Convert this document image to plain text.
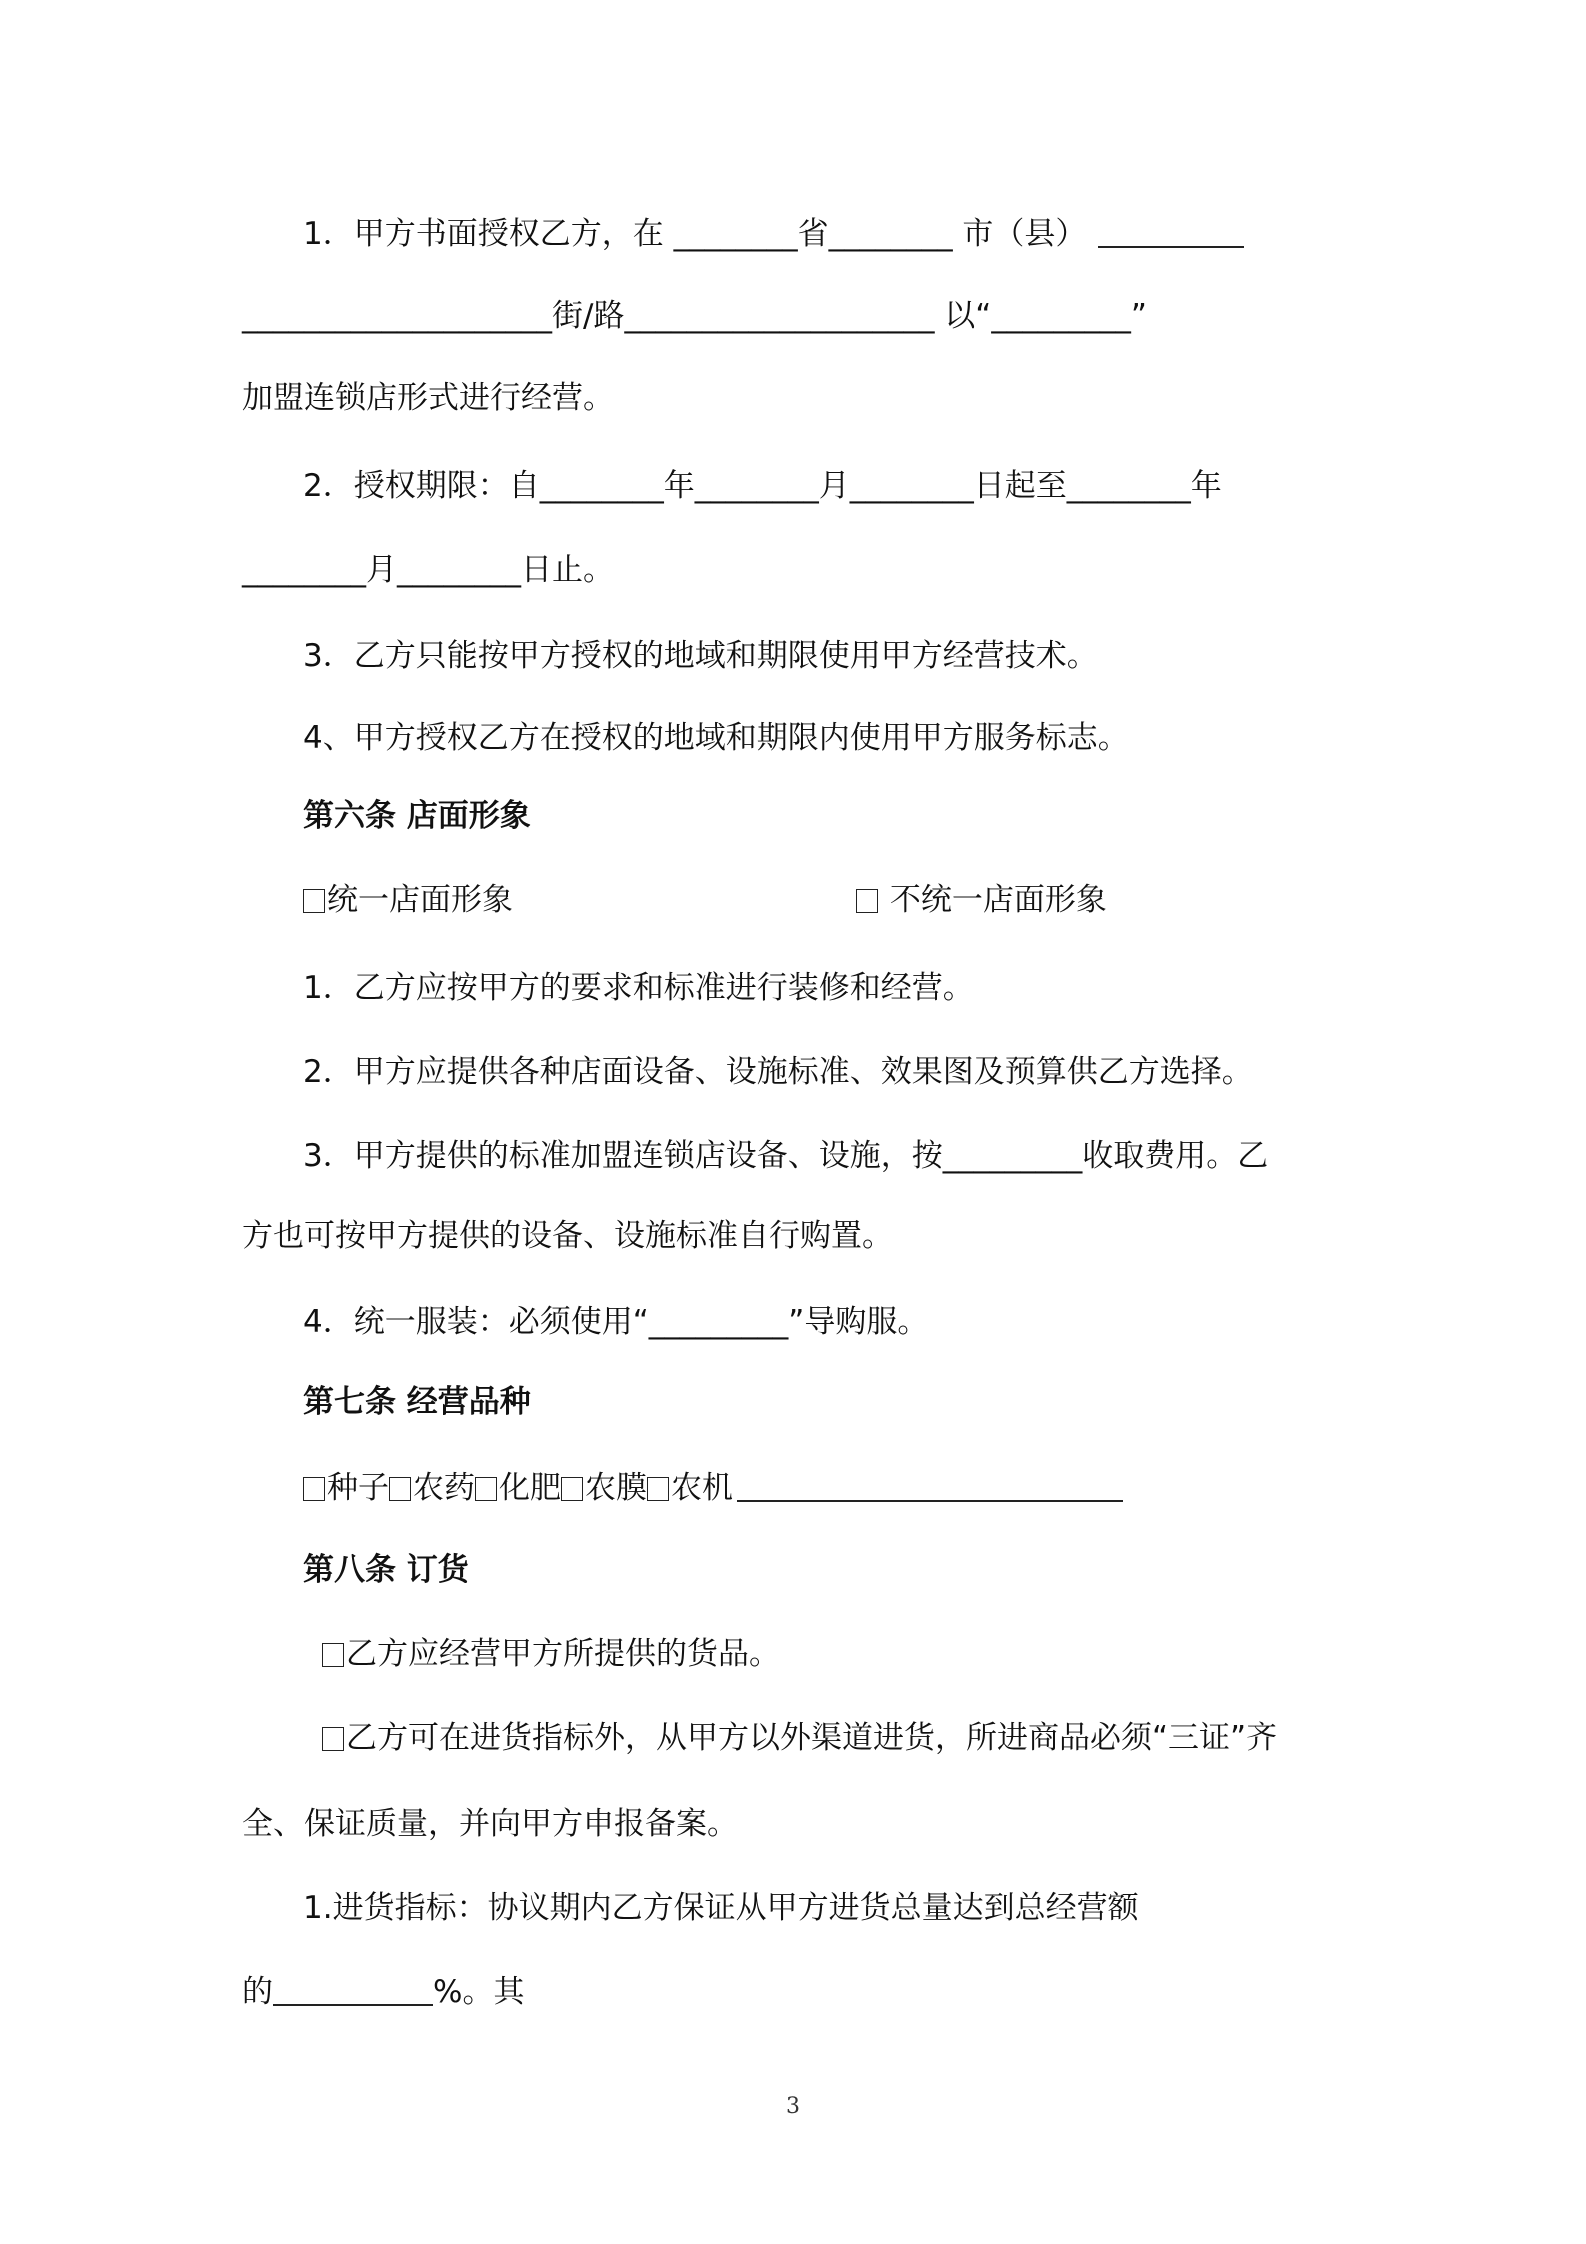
1．甲方书面授权乙方，在 ________省________ 市（县）
____________________街/路____________________ 以“_________”
加盟连锁店形式进行经营。
2．授权期限：自________年________月________日起至________年
________月________日止。
3．乙方只能按甲方授权的地域和期限使用甲方经营技术。
4、甲方授权乙方在授权的地域和期限内使用甲方服务标志。
第六条 店面形象
统一店面形象	不统一店面形象
1．乙方应按甲方的要求和标准进行装修和经营。
2．甲方应提供各种店面设备、设施标准、效果图及预算供乙方选择。
3．甲方提供的标准加盟连锁店设备、设施，按_________收取费用。乙
方也可按甲方提供的设备、设施标准自行购置。
4．统一服装：必须使用“_________”导购服。
第七条 经营品种
种子 农药 化肥 农膜 农机
第八条 订货
乙方应经营甲方所提供的货品。
乙方可在进货指标外，从甲方以外渠道进货，所进商品必须“三证”齐
全、保证质量，并向甲方申报备案。
1.进货指标：协议期内乙方保证从甲方进货总量达到总经营额
的	%。其
3
